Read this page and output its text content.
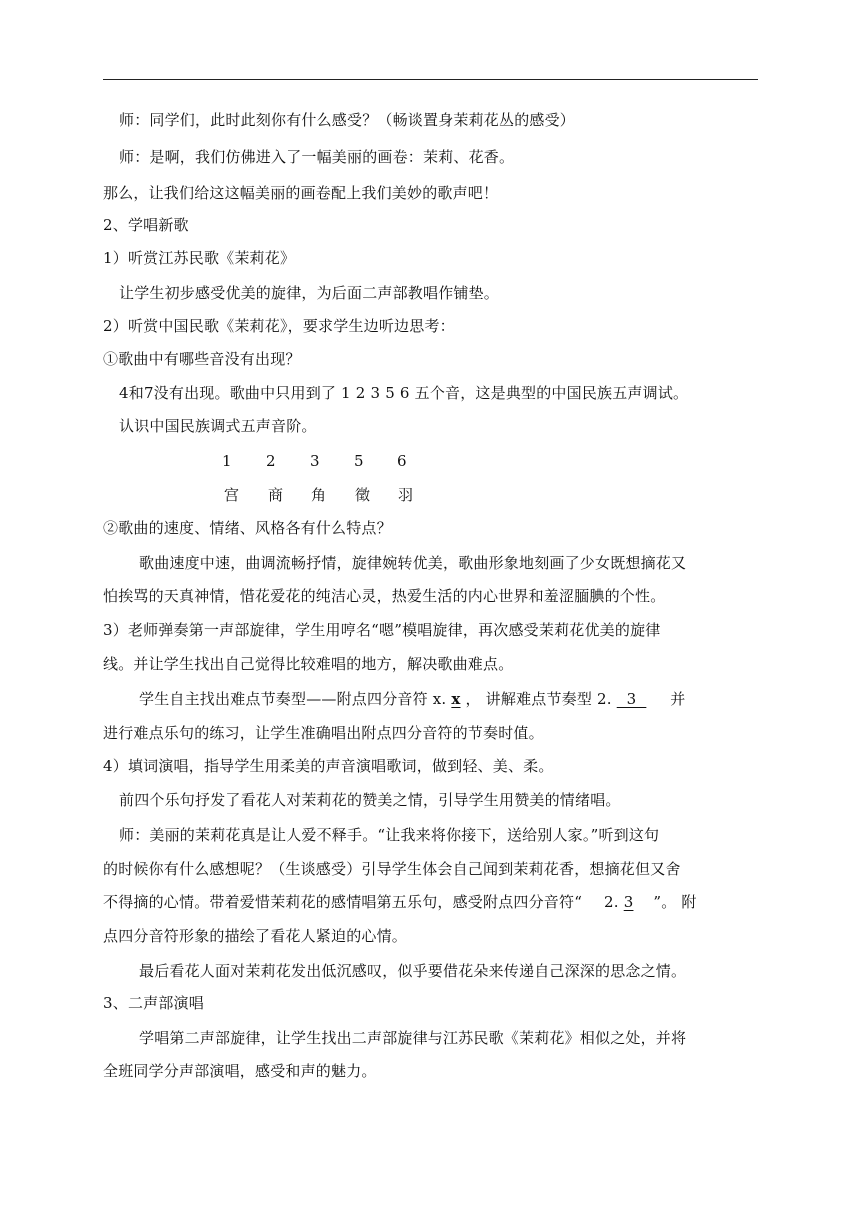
师：同学们，此时此刻你有什么感受？（畅谈置身茉莉花丛的感受）
师：是啊，我们仿佛进入了一幅美丽的画卷：茉莉、花香。
那么，让我们给这这幅美丽的画卷配上我们美妙的歌声吧！
2、学唱新歌
1）听赏江苏民歌《茉莉花》
让学生初步感受优美的旋律，为后面二声部教唱作铺垫。
2）听赏中国民歌《茉莉花》，要求学生边听边思考：
①歌曲中有哪些音没有出现？
4和7没有出现。歌曲中只用到了 1 2 3 5 6 五个音，这是典型的中国民族五声调试。
认识中国民族调式五声音阶。
1 2 3 5 6
宫 商 角 徵 羽
②歌曲的速度、情绪、风格各有什么特点？
歌曲速度中速，曲调流畅抒情，旋律婉转优美，歌曲形象地刻画了少女既想摘花又
怕挨骂的天真神情，惜花爱花的纯洁心灵，热爱生活的内心世界和羞涩腼腆的个性。
3）老师弹奏第一声部旋律，学生用哼名“嗯”模唱旋律，再次感受茉莉花优美的旋律
线。并让学生找出自己觉得比较难唱的地方，解决歌曲难点。
学生自主找出难点节奏型——附点四分音符 x. x ， 讲解难点节奏型 2.   3    并
进行难点乐句的练习，让学生准确唱出附点四分音符的节奏时值。
4）填词演唱，指导学生用柔美的声音演唱歌词，做到轻、美、柔。
前四个乐句抒发了看花人对茉莉花的赞美之情，引导学生用赞美的情绪唱。
师：美丽的茉莉花真是让人爱不释手。“让我来将你接下，送给别人家。”听到这句
的时候你有什么感想呢？（生谈感受）引导学生体会自己闻到茉莉花香，想摘花但又舍
不得摘的心情。带着爱惜茉莉花的感情唱第五乐句，感受附点四分音符“ 2. 3 ”。 附
点四分音符形象的描绘了看花人紧迫的心情。
最后看花人面对茉莉花发出低沉感叹，似乎要借花朵来传递自己深深的思念之情。
3、二声部演唱
学唱第二声部旋律，让学生找出二声部旋律与江苏民歌《茉莉花》相似之处，并将
全班同学分声部演唱，感受和声的魅力。
